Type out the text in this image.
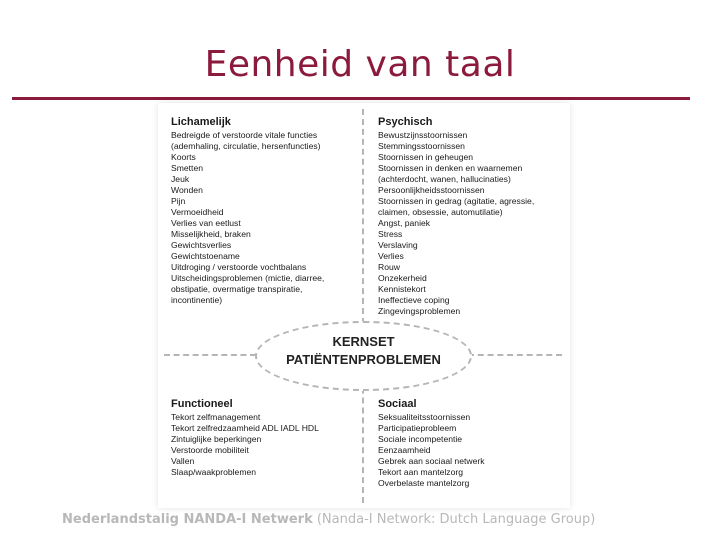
Eenheid van taal
KERNSET
PATIËNTENPROBLEMEN
Lichamelijk
Bedreigde of verstoorde vitale functies
(ademhaling, circulatie, hersenfuncties)
Koorts
Smetten
Jeuk
Wonden
Pijn
Vermoeidheid
Verlies van eetlust
Misselijkheid, braken
Gewichtsverlies
Gewichtstoename
Uitdroging / verstoorde vochtbalans
Uitscheidingsproblemen (mictie, diarree,
obstipatie, overmatige transpiratie,
incontinentie)
Psychisch
Bewustzijnsstoornissen
Stemmingsstoornissen
Stoornissen in geheugen
Stoornissen in denken en waarnemen
(achterdocht, wanen, hallucinaties)
Persoonlijkheidsstoornissen
Stoornissen in gedrag (agitatie, agressie,
claimen, obsessie, automutilatie)
Angst, paniek
Stress
Verslaving
Verlies
Rouw
Onzekerheid
Kennistekort
Ineffectieve coping
Zingevingsproblemen
Functioneel
Tekort zelfmanagement
Tekort zelfredzaamheid ADL IADL HDL
Zintuiglijke beperkingen
Verstoorde mobiliteit
Vallen
Slaap/waakproblemen
Sociaal
Seksualiteitsstoornissen
Participatieprobleem
Sociale incompetentie
Eenzaamheid
Gebrek aan sociaal netwerk
Tekort aan mantelzorg
Overbelaste mantelzorg
Nederlandstalig NANDA-I Netwerk (Nanda-I Network: Dutch Language Group)
